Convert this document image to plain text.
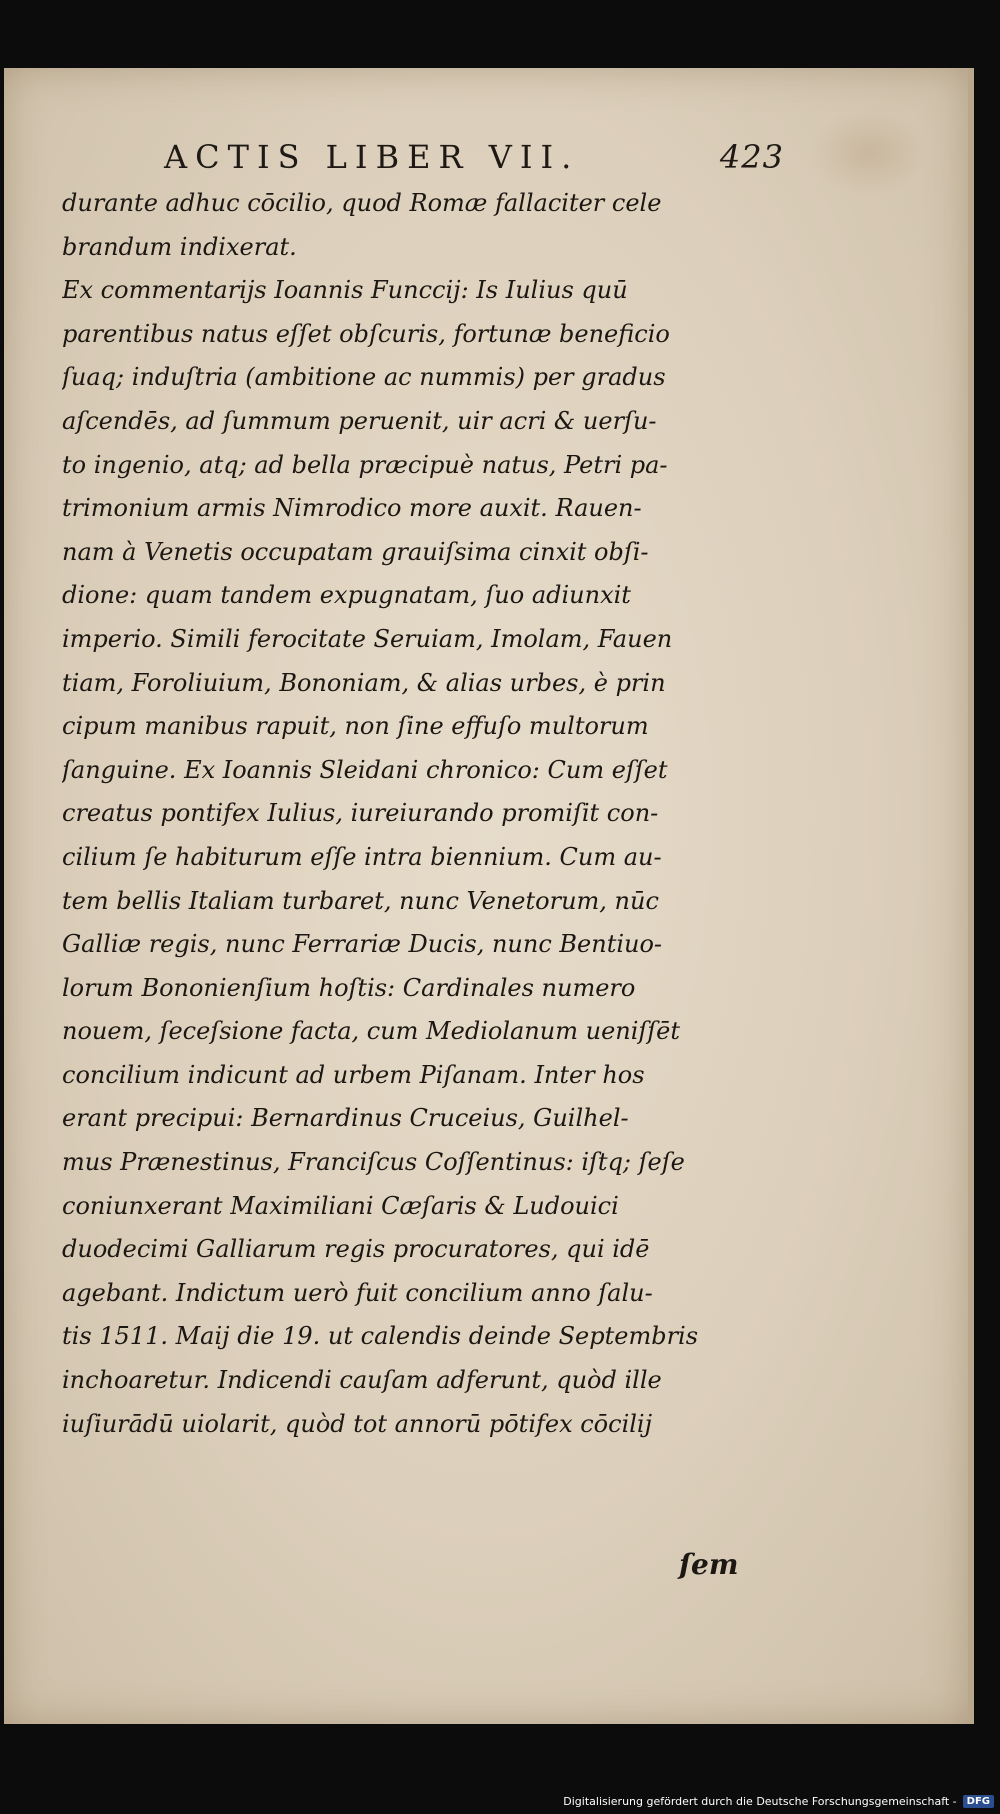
ACTIS LIBER VII.	423
durante adhuc cōcilio, quod Romæ fallaciter cele
brandum indixerat.
Ex commentarijs Ioannis Funccij: Is Iulius quū
parentibus natus eſſet obſcuris, fortunæ beneficio
ſuaq; induſtria (ambitione ac nummis) per gradus
aſcendēs, ad ſummum peruenit, uir acri & uerſu-
to ingenio, atq; ad bella præcipuè natus, Petri pa-
trimonium armis Nimrodico more auxit. Rauen-
nam à Venetis occupatam grauiſsima cinxit obſi-
dione: quam tandem expugnatam, ſuo adiunxit
imperio. Simili ferocitate Seruiam, Imolam, Fauen
tiam, Foroliuium, Bononiam, & alias urbes, è prin
cipum manibus rapuit, non ſine effuſo multorum
ſanguine. Ex Ioannis Sleidani chronico: Cum eſſet
creatus pontifex Iulius, iureiurando promiſit con-
cilium ſe habiturum eſſe intra biennium. Cum au-
tem bellis Italiam turbaret, nunc Venetorum, nūc
Galliæ regis, nunc Ferrariæ Ducis, nunc Bentiuo-
lorum Bononienſium hoſtis: Cardinales numero
nouem, ſeceſsione facta, cum Mediolanum ueniſſēt
concilium indicunt ad urbem Piſanam. Inter hos
erant precipui: Bernardinus Cruceius, Guilhel-
mus Prænestinus, Franciſcus Coſſentinus: iſtq; ſeſe
coniunxerant Maximiliani Cæſaris & Ludouici
duodecimi Galliarum regis procuratores, qui idē
agebant. Indictum uerò fuit concilium anno ſalu-
tis 1511. Maij die 19. ut calendis deinde Septembris
inchoaretur. Indicendi cauſam adferunt, quòd ille
iuſiurādū uiolarit, quòd tot annorū pōtifex cōcilij
ſem
Digitalisierung gefördert durch die Deutsche Forschungsgemeinschaft -	DFG
